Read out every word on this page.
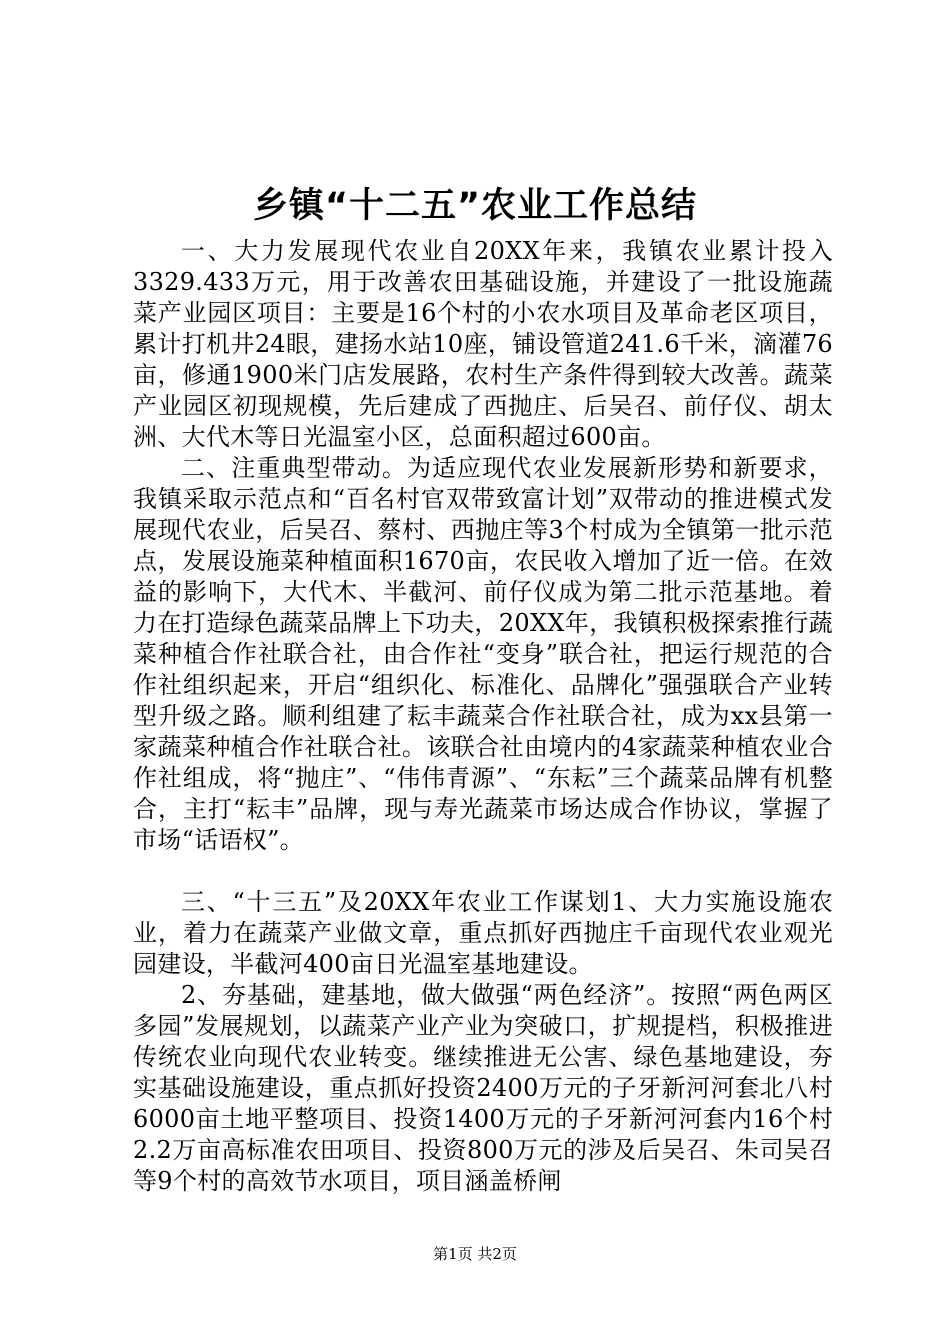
乡镇“十二五”农业工作总结

一、大力发展现代农业自20XX年来，我镇农业累计投入3329.433万元，用于改善农田基础设施，并建设了一批设施蔬菜产业园区项目：主要是16个村的小农水项目及革命老区项目，累计打机井24眼，建扬水站10座，铺设管道241.6千米，滴灌76亩，修通1900米门店发展路，农村生产条件得到较大改善。蔬菜产业园区初现规模，先后建成了西抛庄、后吴召、前仔仪、胡太洲、大代木等日光温室小区，总面积超过600亩。

二、注重典型带动。为适应现代农业发展新形势和新要求，我镇采取示范点和“百名村官双带致富计划”双带动的推进模式发展现代农业，后吴召、蔡村、西抛庄等3个村成为全镇第一批示范点，发展设施菜种植面积1670亩，农民收入增加了近一倍。在效益的影响下，大代木、半截河、前仔仪成为第二批示范基地。着力在打造绿色蔬菜品牌上下功夫，20XX年，我镇积极探索推行蔬菜种植合作社联合社，由合作社“变身”联合社，把运行规范的合作社组织起来，开启“组织化、标准化、品牌化”强强联合产业转型升级之路。顺利组建了耘丰蔬菜合作社联合社，成为xx县第一家蔬菜种植合作社联合社。该联合社由境内的4家蔬菜种植农业合作社组成，将“抛庄”、“伟伟青源”、“东耘”三个蔬菜品牌有机整合，主打“耘丰”品牌，现与寿光蔬菜市场达成合作协议，掌握了市场“话语权”。

三、“十三五”及20XX年农业工作谋划1、大力实施设施农业，着力在蔬菜产业做文章，重点抓好西抛庄千亩现代农业观光园建设，半截河400亩日光温室基地建设。

2、夯基础，建基地，做大做强“两色经济”。按照“两色两区多园”发展规划，以蔬菜产业产业为突破口，扩规提档，积极推进传统农业向现代农业转变。继续推进无公害、绿色基地建设，夯实基础设施建设，重点抓好投资2400万元的子牙新河河套北八村6000亩土地平整项目、投资1400万元的子牙新河河套内16个村2.2万亩高标准农田项目、投资800万元的涉及后吴召、朱司吴召等9个村的高效节水项目，项目涵盖桥闸

第1页 共2页
